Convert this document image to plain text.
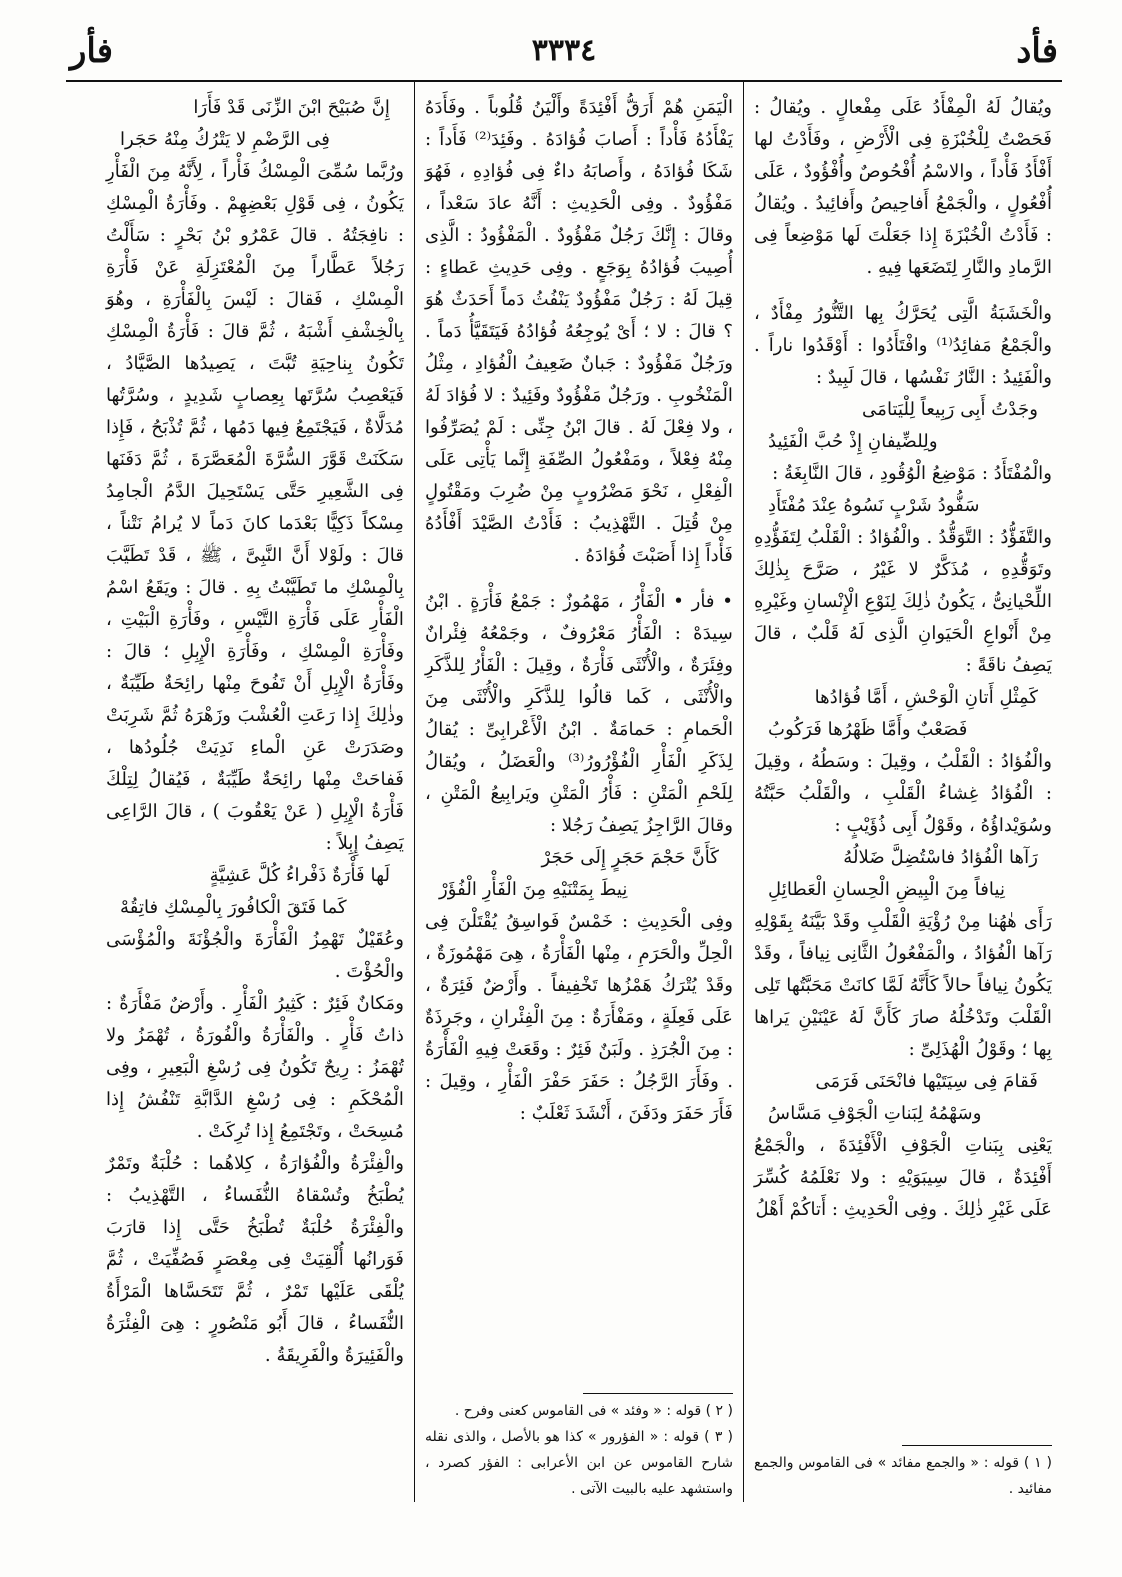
فأد
٣٣٣٤
فأر

ويُقالُ لَهُ الْمِفْأَدُ عَلَى مِفْعالٍ . ويُقالُ : فَحَصْتُ لِلْخُبْزَةِ فِى الْأَرْضِ ، وفَأَدْتُ لها أَفْأَدُ فَأْداً ، والاسْمُ أُفْحُوصٌ وأُفْؤُودٌ ، عَلَى أُفْعُولٍ ، والْجَمْعُ أَفاحِيصُ وأَفائِيدُ . ويُقالُ : فَأَدْتُ الْخُبْزَةَ إِذا جَعَلْتَ لَها مَوْضِعاً فِى الرَّمادِ والنَّارِ لِتَضَعَها فِيهِ .

والْخَشَبَةُ الَّتِى يُحَرَّكُ بِها التَّنُّورُ مِفْأَدٌ ، والْجَمْعُ مَفائِدُ⁽¹⁾ وافْتَأَدُوا : أَوْقَدُوا ناراً . والْفَئِيدُ : النَّارُ نَفْسُها ، قالَ لَبِيدٌ :

وجَدْتُ أَبِى رَبِيعاً لِلْيَتامَى
ولِلضِّيفانِ إِذْ حُبَّ الْفَئِيدُ

والْمُفْتَأَدُ : مَوْضِعُ الْوُقُودِ ، قالَ النَّابِغَةُ :

سَفُّودُ شَرْبٍ نَسُوهُ عِنْدَ مُفْتَأَدِ

والتَّفَؤُّدُ : التَّوَقُّدُ . والْفُؤادُ : الْقَلْبُ لِتَفَؤُّدِهِ وتَوَقُّدِهِ ، مُذَكَّرٌ لا غَيْرُ ، صَرَّحَ بِذٰلِكَ اللِّحْيانِىُّ ، يَكُونُ ذٰلِكَ لِنَوْعِ الْإِنْسانِ وغَيْرِهِ مِنْ أَنْواعِ الْحَيَوانِ الَّذِى لَهُ قَلْبٌ ، قالَ يَصِفُ ناقَةً :

كَمِثْلِ أَتانِ الْوَحْشِ ، أَمَّا فُؤادُها
فَصَعْبٌ وأَمَّا ظَهْرُها فَرَكُوبُ

والْفُؤادُ : الْقَلْبُ ، وقِيلَ : وسَطُهُ ، وقِيلَ : الْفُؤادُ غِشاءُ الْقَلْبِ ، والْقَلْبُ حَبَّتُهُ وسُوَيْداؤُهُ ، وقَوْلُ أَبِى ذُؤَيْبٍ :

رَآها الْفُؤادُ فاسْتُضِلَّ ضَلالُهُ
نِيافاً مِنَ الْبِيضِ الْحِسانِ الْعَطائِلِ

رَأَى هٰهُنا مِنْ رُؤْيَةِ الْقَلْبِ وقَدْ بَيَّنَهُ بِقَوْلِهِ رَآها الْفُؤادُ ، والْمَفْعُولُ الثَّانِى نِيافاً ، وقَدْ يَكُونُ نِيافاً حالاً كَأَنَّهُ لَمَّا كانَتْ مَحَبَّتُها تَلِى الْقَلْبَ وتَدْخُلُهُ صارَ كَأَنَّ لَهُ عَيْنَيْنِ يَراها بِها ؛ وقَوْلُ الْهُذَلِىِّ :

فَقامَ فِى سِيَتَيْها فانْحَنَى فَرَمَى
وسَهْمُهُ لِبَناتِ الْجَوْفِ مَسَّاسُ

يَعْنِى بِبَناتِ الْجَوْفِ الْأَفْئِدَةَ ، والْجَمْعُ أَفْئِدَةٌ ، قالَ سِيبَوَيْهِ : ولا نَعْلَمُهُ كُسِّرَ عَلَى غَيْرِ ذٰلِكَ . وفِى الْحَدِيثِ : أَتاكُمْ أَهْلُ

( ١ ) قوله : « والجمع مفائد » فى القاموس والجمع مفائيد .

الْيَمَنِ هُمْ أَرَقُّ أَفْئِدَةً وأَلْيَنُ قُلُوباً . وفَأَدَهُ يَفْأَدُهُ فَأْداً : أَصابَ فُؤادَهُ . وفَئِدَ⁽²⁾ فَأَداً : شَكَا فُؤادَهُ ، وأَصابَهُ داءٌ فِى فُؤادِهِ ، فَهُوَ مَفْؤُودٌ . وفِى الْحَدِيثِ : أَنَّهُ عادَ سَعْداً ، وقالَ : إِنَّكَ رَجُلٌ مَفْؤُودٌ . الْمَفْؤُودُ : الَّذِى أُصِيبَ فُؤادُهُ بِوَجَعٍ . وفِى حَدِيثِ عَطاءٍ : قِيلَ لَهُ : رَجُلٌ مَفْؤُودٌ يَنْفُثُ دَماً أَحَدَثٌ هُوَ ؟ قالَ : لا ؛ أَىْ يُوجِعُهُ فُؤادُهُ فَيَتَقَيَّأُ دَماً . ورَجُلٌ مَفْؤُودٌ : جَبانٌ ضَعِيفُ الْفُؤادِ ، مِثْلُ الْمَنْخُوبِ . ورَجُلٌ مَفْؤُودٌ وفَئِيدٌ : لا فُؤادَ لَهُ ، ولا فِعْلَ لَهُ . قالَ ابْنُ جِنِّى : لَمْ يُصَرِّفُوا مِنْهُ فِعْلاً ، ومَفْعُولُ الصِّفَةِ إِنَّما يَأْتِى عَلَى الْفِعْلِ ، نَحْوَ مَضْرُوبٍ مِنْ ضُرِبَ ومَقْتُولٍ مِنْ قُتِلَ . التَّهْذِيبُ : فَأَدْتُ الصَّيْدَ أَفْأَدُهُ فَأْداً إِذا أَصَبْتَ فُؤادَهُ .

• فأر • الْفَأْرُ ، مَهْمُوزٌ : جَمْعُ فَأْرَةٍ . ابْنُ سِيدَهْ : الْفَأْرُ مَعْرُوفٌ ، وجَمْعُهُ فِئْرانٌ وفِئَرَةٌ ، والْأُنْثَى فَأْرَةٌ ، وقِيلَ : الْفَأْرُ لِلذَّكَرِ والْأُنْثَى ، كَما قالُوا لِلذَّكَرِ والْأُنْثَى مِنَ الْحَمامِ : حَمامَةٌ . ابْنُ الْأَعْرابِىِّ : يُقالُ لِذَكَرِ الْفَأْرِ الْفُؤْرُورُ⁽³⁾ والْعَضَلُ ، ويُقالُ لِلَحْمِ الْمَتْنِ : فَأْرُ الْمَتْنِ ويَرابِيعُ الْمَتْنِ ، وقالَ الرَّاجِزُ يَصِفُ رَجُلا :

كَأَنَّ حَجْمَ حَجَرٍ إِلَى حَجَرْ
نِيطَ بِمَتْنَيْهِ مِنَ الْفَأْرِ الْفُؤَرْ

وفِى الْحَدِيثِ : خَمْسٌ فَواسِقُ يُقْتَلْنَ فِى الْحِلِّ والْحَرَمِ ، مِنْها الْفَأْرَةُ ، هِىَ مَهْمُوزَةٌ ، وقَدْ يُتْرَكُ هَمْزُها تَخْفِيفاً . وأَرْضٌ فَئِرَةٌ ، عَلَى فَعِلَةٍ ، ومَفْأَرَةٌ : مِنَ الْفِئْرانِ ، وجَرِذَةٌ : مِنَ الْجُرَذِ . ولَبَنٌ فَئِرٌ : وقَعَتْ فِيهِ الْفَأْرَةُ . وفَأَرَ الرَّجُلُ : حَفَرَ حَفْرَ الْفَأْرِ ، وقِيلَ : فَأَرَ حَفَرَ ودَفَنَ ، أَنْشَدَ ثَعْلَبٌ :

( ٢ ) قوله : « وفئد » فى القاموس كعنى وفرح .

( ٣ ) قوله : « الفؤرور » كذا هو بالأصل ، والذى نقله شارح القاموس عن ابن الأعرابى : الفؤر كصرد ، واستشهد عليه بالبيت الآتى .

إِنَّ صُبَيْحَ ابْنَ الزِّنَى قَدْ فَأَرَا
فِى الرَّضْمِ لا يَتْرُكُ مِنْهُ حَجَرا

ورُبَّما سُمِّىَ الْمِسْكُ فَأْراً ، لِأَنَّهُ مِنَ الْفَأْرِ يَكُونُ ، فِى قَوْلِ بَعْضِهِمْ . وفَأْرَةُ الْمِسْكِ : نافِجَتُهُ . قالَ عَمْرُو بْنُ بَحْرٍ : سَأَلْتُ رَجُلاً عَطَّاراً مِنَ الْمُعْتَزِلَةِ عَنْ فَأْرَةِ الْمِسْكِ ، فَقالَ : لَيْسَ بِالْفَأْرَةِ ، وهُوَ بِالْخِشْفِ أَشْبَهُ ، ثُمَّ قالَ : فَأْرَةُ الْمِسْكِ تَكُونُ بِناحِيَةِ تُبَّتَ ، يَصِيدُها الصَّيَّادُ ، فَيَعْصِبُ سُرَّتَها بِعِصابٍ شَدِيدٍ ، وسُرَّتُها مُدَلَّاةٌ ، فَيَجْتَمِعُ فِيها دَمُها ، ثُمَّ تُذْبَحُ ، فَإِذا سَكَنَتْ قَوَّرَ السُّرَّةَ الْمُعَصَّرَةَ ، ثُمَّ دَفَنَها فِى الشَّعِيرِ حَتَّى يَسْتَحِيلَ الدَّمُ الْجامِدُ مِسْكاً ذَكِيًّا بَعْدَما كانَ دَماً لا يُرامُ نَتْناً ، قالَ : ولَوْلا أَنَّ النَّبِىَّ ، ﷺ ، قَدْ تَطَيَّبَ بِالْمِسْكِ ما تَطَيَّبْتُ بِهِ . قالَ : ويَقَعُ اسْمُ الْفَأْرِ عَلَى فَأْرَةِ التَّيْسِ ، وفَأْرَةِ الْبَيْتِ ، وفَأْرَةِ الْمِسْكِ ، وفَأْرَةِ الْإِبِلِ ؛ قالَ : وفَأْرَةُ الْإِبِلِ أَنْ تَفُوحَ مِنْها رائِحَةٌ طَيِّبَةٌ ، وذٰلِكَ إِذا رَعَتِ الْعُشْبَ وزَهْرَهُ ثُمَّ شَرِبَتْ وصَدَرَتْ عَنِ الْماءِ نَدِيَتْ جُلُودُها ، فَفاحَتْ مِنْها رائِحَةٌ طَيِّبَةٌ ، فَيُقالُ لِتِلْكَ فَأْرَةُ الْإِبِلِ ( عَنْ يَعْقُوبَ ) ، قالَ الرَّاعِى يَصِفُ إِبِلاً :

لَها فَأْرَةٌ ذَفْراءُ كُلَّ عَشِيَّةٍ
كَما فَتَقَ الْكافُورَ بِالْمِسْكِ فاتِقُهْ

وعُقَيْلٌ تَهْمِزُ الْفَأْرَةَ والْجُؤْنَةَ والْمُؤْسَى والْحُؤْتَ .

ومَكانٌ فَئِرٌ : كَثِيرُ الْفَأْرِ . وأَرْضٌ مَفْأَرَةٌ : ذاتُ فَأْرٍ . والْفَأْرَةُ والْفُورَةُ ، تُهْمَزُ ولا تُهْمَزُ : رِيحٌ تَكُونُ فِى رُسْغِ الْبَعِيرِ ، وفِى الْمُحْكَمِ : فِى رُسْغِ الدَّابَّةِ تَنْفُشُ إِذا مُسِحَتْ ، وتَجْتَمِعُ إِذا تُرِكَتْ .

والْفِئْرَةُ والْفُؤارَةُ ، كِلاهُما : حُلْبَةٌ وتَمْرٌ يُطْبَخُ وتُسْقاهُ النُّفَساءُ ، التَّهْذِيبُ : والْفِئْرَةُ حُلْبَةٌ تُطْبَخُ حَتَّى إِذا قارَبَ فَوَرانُها أُلْقِيَتْ فِى مِعْصَرٍ فَصُفِّيَتْ ، ثُمَّ يُلْقَى عَلَيْها تَمْرٌ ، ثُمَّ تَتَحَسَّاها الْمَرْأَةُ النُّفَساءُ ، قالَ أَبُو مَنْصُورٍ : هِىَ الْفِئْرَةُ والْفَئِيرَةُ والْفَرِيقَةُ .
